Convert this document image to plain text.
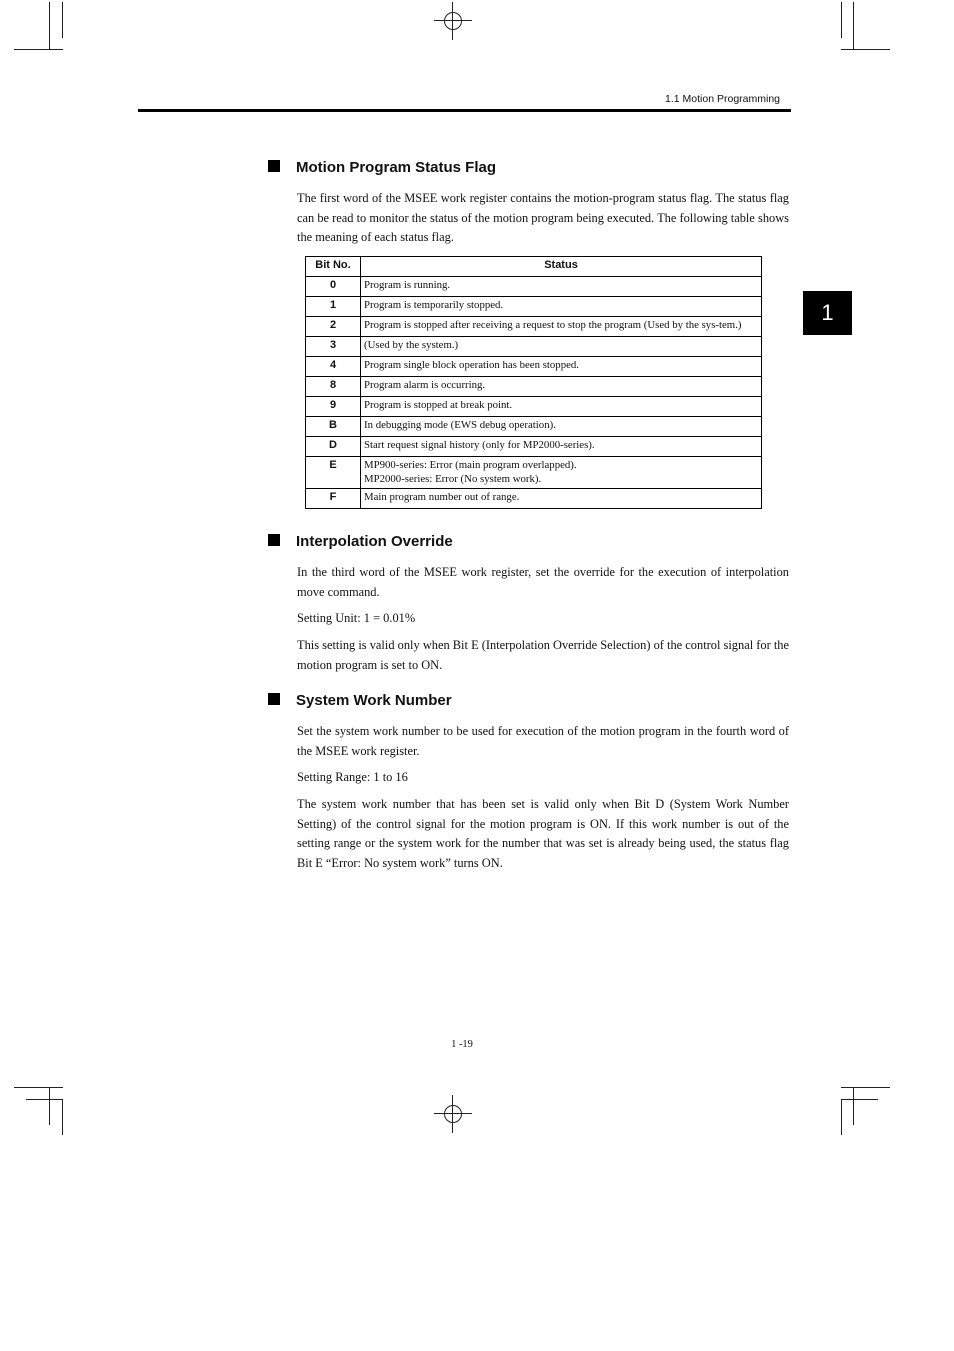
1.1 Motion Programming
1
Motion Program Status Flag
The first word of the MSEE work register contains the motion-program status flag. The status flag can be read to monitor the status of the motion program being executed. The following table shows the meaning of each status flag.
Bit No.	Status
0	Program is running.
1	Program is temporarily stopped.
2	Program is stopped after receiving a request to stop the program (Used by the sys-tem.)
3	(Used by the system.)
4	Program single block operation has been stopped.
8	Program alarm is occurring.
9	Program is stopped at break point.
B	In debugging mode (EWS debug operation).
D	Start request signal history (only for MP2000-series).
E	MP900-series: Error (main program overlapped).
MP2000-series: Error (No system work).

F	Main program number out of range.
Interpolation Override
In the third word of the MSEE work register, set the override for the execution of interpolation move command.
Setting Unit: 1 = 0.01%
This setting is valid only when Bit E (Interpolation Override Selection) of the control signal for the motion program is set to ON.
System Work Number
Set the system work number to be used for execution of the motion program in the fourth word of the MSEE work register.
Setting Range: 1 to 16
The system work number that has been set is valid only when Bit D (System Work Number Setting) of the control signal for the motion program is ON. If this work number is out of the setting range or the system work for the number that was set is already being used, the status flag Bit E “Error: No system work” turns ON.
1 -19
